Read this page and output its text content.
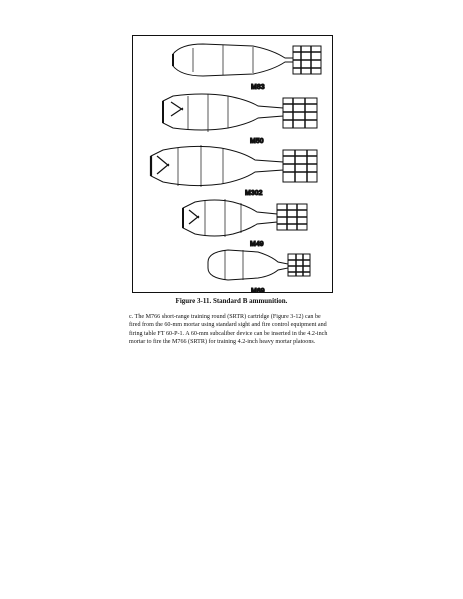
M83
M50
M302
M49
M69
Figure 3-11. Standard B ammunition.
c. The M766 short-range training round (SRTR) cartridge (Figure 3-12) can be
fired from the 60-mm mortar using standard sight and fire control equipment and
firing table FT 60-P-1. A 60-mm subcaliber device can be inserted in the 4.2-inch
mortar to fire the M766 (SRTR) for training 4.2-inch heavy mortar platoons.
